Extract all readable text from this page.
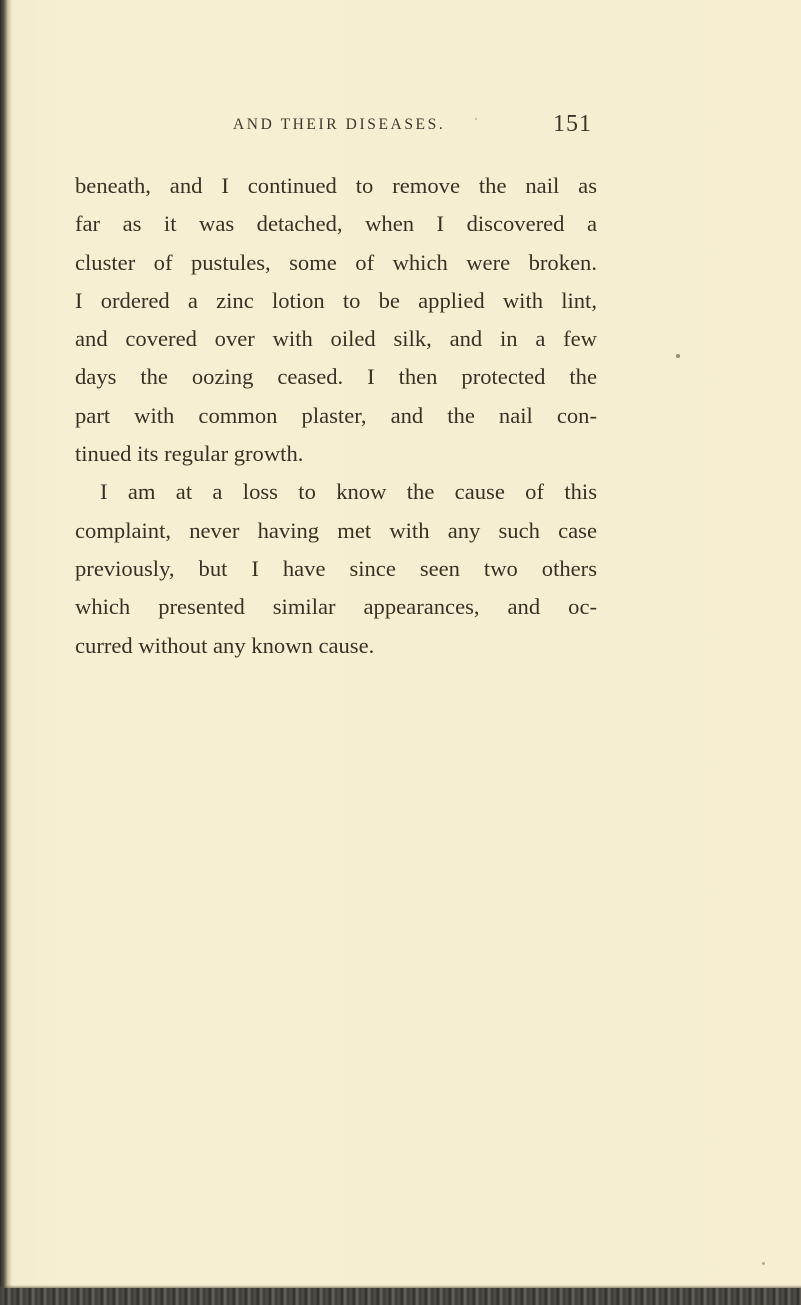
AND THEIR DISEASES.	151
beneath, and I continued to remove the nail as
far as it was detached, when I discovered a
cluster of pustules, some of which were broken.
I ordered a zinc lotion to be applied with lint,
and covered over with oiled silk, and in a few
days the oozing ceased. I then protected the
part with common plaster, and the nail con-
tinued its regular growth.
I am at a loss to know the cause of this
complaint, never having met with any such case
previously, but I have since seen two others
which presented similar appearances, and oc-
curred without any known cause.
